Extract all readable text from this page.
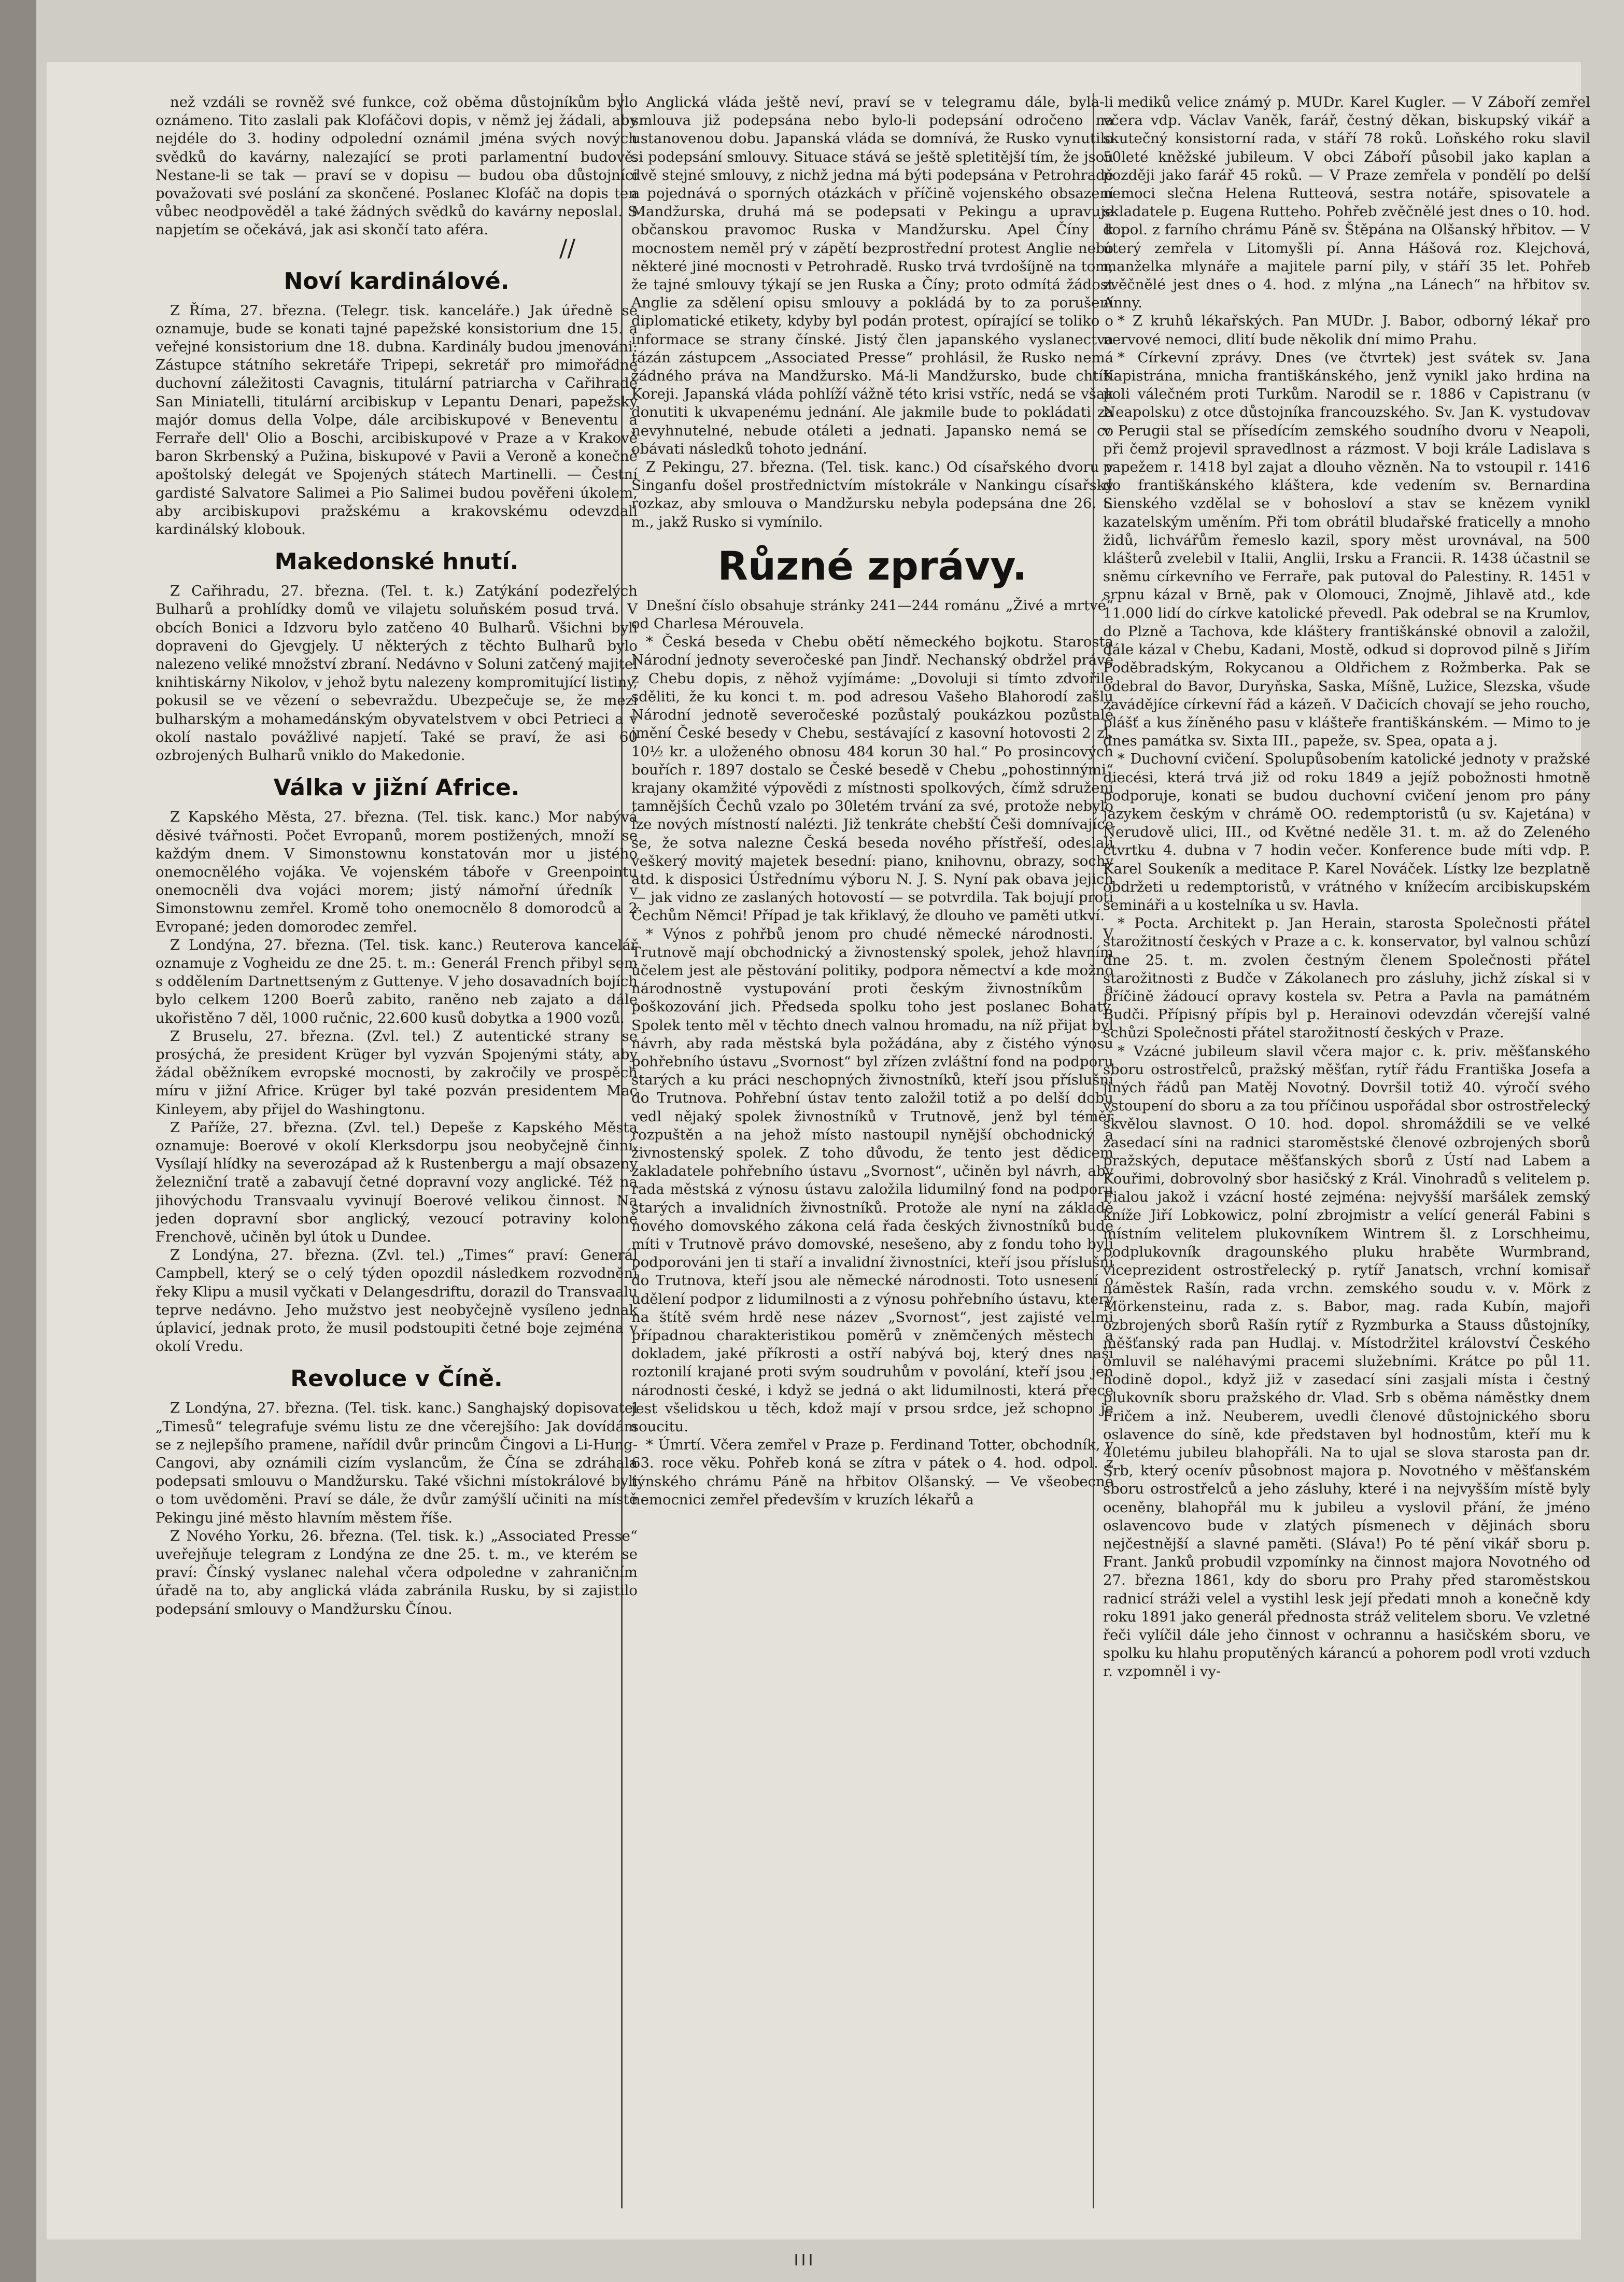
než vzdáli se rovněž své funkce, což oběma důstojníkům bylo oznámeno. Tito zaslali pak Klofáčovi dopis, v němž jej žádali, aby nejdéle do 3. hodiny odpolední oznámil jména svých nových svědků do kavárny, nalezající se proti parlamentní budově. Nestane-li se tak — praví se v dopisu — budou oba důstojníci považovati své poslání za skončené. Poslanec Klofáč na dopis ten vůbec neodpověděl a také žádných svědků do kavárny neposlal. S napjetím se očekává, jak asi skončí tato aféra.

//
Noví kardinálové.

Z Říma, 27. března. (Telegr. tisk. kanceláře.) Jak úředně se oznamuje, bude se konati tajné papežské konsistorium dne 15. a veřejné konsistorium dne 18. dubna. Kardinály budou jmenováni: Zástupce státního sekretáře Tripepi, sekretář pro mimořádné duchovní záležitosti Cavagnis, titulární patriarcha v Cařihradě San Miniatelli, titulární arcibiskup v Lepantu Denari, papežský majór domus della Volpe, dále arcibiskupové v Beneventu a Ferraře dell' Olio a Boschi, arcibiskupové v Praze a v Krakově baron Skrbenský a Pužina, biskupové v Pavii a Veroně a konečně apoštolský delegát ve Spojených státech Martinelli. — Čestní gardisté Salvatore Salimei a Pio Salimei budou pověřeni úkolem, aby arcibiskupovi pražskému a krakovskému odevzdali kardinálský klobouk.

Makedonské hnutí.

Z Cařihradu, 27. března. (Tel. t. k.) Zatýkání podezřelých Bulharů a prohlídky domů ve vilajetu soluňském posud trvá. V obcích Bonici a Idzvoru bylo zatčeno 40 Bulharů. Všichni byli dopraveni do Gjevgjely. U některých z těchto Bulharů bylo nalezeno veliké množství zbraní. Nedávno v Soluni zatčený majitel knihtiskárny Nikolov, v jehož bytu nalezeny kompromitující listiny, pokusil se ve vězení o sebevraždu. Ubezpečuje se, že mezi bulharským a mohamedánským obyvatelstvem v obci Petrieci a v okolí nastalo povážlivé napjetí. Také se praví, že asi 60 ozbrojených Bulharů vniklo do Makedonie.

Válka v jižní Africe.

Z Kapského Města, 27. března. (Tel. tisk. kanc.) Mor nabývá děsivé tvářnosti. Počet Evropanů, morem postižených, množí se každým dnem. V Simonstownu konstatován mor u jistého onemocnělého vojáka. Ve vojenském táboře v Greenpointu onemocněli dva vojáci morem; jistý námořní úředník v Simonstownu zemřel. Kromě toho onemocnělo 8 domorodců a 2 Evropané; jeden domorodec zemřel.

Z Londýna, 27. března. (Tel. tisk. kanc.) Reuterova kancelář oznamuje z Vogheidu ze dne 25. t. m.: Generál French přibyl sem s oddělením Dartnettseným z Guttenye. V jeho dosavadních bojích bylo celkem 1200 Boerů zabito, raněno neb zajato a dále ukořistěno 7 děl, 1000 ručnic, 22.600 kusů dobytka a 1900 vozů.

Z Bruselu, 27. března. (Zvl. tel.) Z autentické strany se prosýchá, že president Krüger byl vyzván Spojenými státy, aby žádal oběžníkem evropské mocnosti, by zakročily ve prospěch míru v jižní Africe. Krüger byl také pozván presidentem Mac Kinleyem, aby přijel do Washingtonu.

Z Paříže, 27. března. (Zvl. tel.) Depeše z Kapského Města oznamuje: Boerové v okolí Klerksdorpu jsou neobyčejně činní. Vysílají hlídky na severozápad až k Rustenbergu a mají obsazeny železniční tratě a zabavují četné dopravní vozy anglické. Též na jihovýchodu Transvaalu vyvinují Boerové velikou činnost. Na jeden dopravní sbor anglický, vezoucí potraviny koloně Frenchově, učiněn byl útok u Dundee.

Z Londýna, 27. března. (Zvl. tel.) „Times“ praví: Generál Campbell, který se o celý týden opozdil následkem rozvodnění řeky Klipu a musil vyčkati v Delangesdriftu, dorazil do Transvaalu teprve nedávno. Jeho mužstvo jest neobyčejně vysíleno jednak úplavicí, jednak proto, že musil podstoupiti četné boje zejména v okolí Vredu.

Revoluce v Číně.

Z Londýna, 27. března. (Tel. tisk. kanc.) Sanghajský dopisovatel „Timesů“ telegrafuje svému listu ze dne včerejšího: Jak dovídám se z nejlepšího pramene, nařídil dvůr princům Čingovi a Li-Hung-Cangovi, aby oznámili cizím vyslancům, že Čína se zdráhala podepsati smlouvu o Mandžursku. Také všichni místokrálové byli o tom uvědoměni. Praví se dále, že dvůr zamýšlí učiniti na místě Pekingu jiné město hlavním městem říše.

Z Nového Yorku, 26. března. (Tel. tisk. k.) „Associated Presse“ uveřejňuje telegram z Londýna ze dne 25. t. m., ve kterém se praví: Čínský vyslanec nalehal včera odpoledne v zahraničním úřadě na to, aby anglická vláda zabránila Rusku, by si zajistilo podepsání smlouvy o Mandžursku Čínou.

Anglická vláda ještě neví, praví se v telegramu dále, byla-li smlouva již podepsána nebo bylo-li podepsání odročeno na ustanovenou dobu. Japanská vláda se domnívá, že Rusko vynutilo si podepsání smlouvy. Situace stává se ještě spletitější tím, že jsou dvě stejné smlouvy, z nichž jedna má býti podepsána v Petrohradě a pojednává o sporných otázkách v příčině vojenského obsazení Mandžurska, druhá má se podepsati v Pekingu a upravuje občanskou pravomoc Ruska v Mandžursku. Apel Číny k mocnostem neměl prý v zápětí bezprostřední protest Anglie nebo některé jiné mocnosti v Petrohradě. Rusko trvá tvrdošíjně na tom, že tajné smlouvy týkají se jen Ruska a Číny; proto odmítá žádost Anglie za sdělení opisu smlouvy a pokládá by to za porušení diplomatické etikety, kdyby byl podán protest, opírající se toliko o informace se strany čínské. Jistý člen japanského vyslanectva tázán zástupcem „Associated Presse“ prohlásil, že Rusko nemá žádného práva na Mandžursko. Má-li Mandžursko, bude chtíti Koreji. Japanská vláda pohlíží vážně této krisi vstříc, nedá se však donutiti k ukvapenému jednání. Ale jakmile bude to pokládati za nevyhnutelné, nebude otáleti a jednati. Japansko nemá se co obávati následků tohoto jednání.

Z Pekingu, 27. března. (Tel. tisk. kanc.) Od císařského dvoru v Singanfu došel prostřednictvím místokrále v Nankingu císařský rozkaz, aby smlouva o Mandžursku nebyla podepsána dne 26. t. m., jakž Rusko si vymínilo.

Různé zprávy.

Dnešní číslo obsahuje stránky 241—244 románu „Živé a mrtvé“ od Charlesa Mérouvela.

* Česká beseda v Chebu obětí německého bojkotu. Starosta Národní jednoty severočeské pan Jindř. Nechanský obdržel právě z Chebu dopis, z něhož vyjímáme: „Dovoluji si tímto zdvořile sděliti, že ku konci t. m. pod adresou Vašeho Blahorodí zašlu Národní jednotě severočeské pozůstalý poukázkou pozůstalé jmění České besedy v Chebu, sestávající z kasovní hotovosti 2 zl. 10½ kr. a uloženého obnosu 484 korun 30 hal.“ Po prosincových bouřích r. 1897 dostalo se České besedě v Chebu „pohostinnými“ krajany okamžité výpovědi z místnosti spolkových, čímž sdružení tamnějších Čechů vzalo po 30letém trvání za své, protože nebylo lze nových místností nalézti. Již tenkráte chebští Češi domnívajíce se, že sotva nalezne Česká beseda nového přístřeší, odeslali veškerý movitý majetek besední: piano, knihovnu, obrazy, sochy atd. k disposici Ústřednímu výboru N. J. S. Nyní pak obava jejich — jak vidno ze zaslaných hotovostí — se potvrdila. Tak bojují proti Čechům Němci! Případ je tak křiklavý, že dlouho ve paměti utkví.

* Výnos z pohřbů jenom pro chudé německé národnosti. V Trutnově mají obchodnický a živnostenský spolek, jehož hlavním účelem jest ale pěstování politiky, podpora němectví a kde možno národnostně vystupování proti českým živnostníkům a poškozování jich. Předseda spolku toho jest poslanec Bohaty. Spolek tento měl v těchto dnech valnou hromadu, na níž přijat byl návrh, aby rada městská byla požádána, aby z čistého výnosu pohřebního ústavu „Svornost“ byl zřízen zvláštní fond na podporu starých a ku práci neschopných živnostníků, kteří jsou příslušní do Trutnova. Pohřební ústav tento založil totiž a po delší dobu vedl nějaký spolek živnostníků v Trutnově, jenž byl téměř rozpuštěn a na jehož místo nastoupil nynější obchodnický a živnostenský spolek. Z toho důvodu, že tento jest dědicem zakladatele pohřebního ústavu „Svornost“, učiněn byl návrh, aby rada městská z výnosu ústavu založila lidumilný fond na podporu starých a invalidních živnostníků. Protože ale nyní na základě nového domovského zákona celá řada českých živnostníků bude míti v Trutnově právo domovské, nesešeno, aby z fondu toho byli podporováni jen ti staří a invalidní živnostníci, kteří jsou příslušní do Trutnova, kteří jsou ale německé národnosti. Toto usnesení o udělení podpor z lidumilnosti a z výnosu pohřebního ústavu, který na štítě svém hrdě nese název „Svornost“, jest zajisté velmi případnou charakteristikou poměrů v zněmčených městech a dokladem, jaké příkrosti a ostří nabývá boj, který dnes naší roztonilí krajané proti svým soudruhům v povolání, kteří jsou jen národnosti české, i když se jedná o akt lidumilnosti, která přece jest všelidskou u těch, kdož mají v prsou srdce, jež schopno je soucitu.

* Úmrtí. Včera zemřel v Praze p. Ferdinand Totter, obchodník, v 63. roce věku. Pohřeb koná se zítra v pátek o 4. hod. odpol. z týnského chrámu Páně na hřbitov Olšanský. — Ve všeobecné nemocnici zemřel především v kruzích lékařů a

mediků velice známý p. MUDr. Karel Kugler. — V Záboří zemřel včera vdp. Václav Vaněk, farář, čestný děkan, biskupský vikář a skutečný konsistorní rada, v stáří 78 roků. Loňského roku slavil 50leté kněžské jubileum. V obci Záboří působil jako kaplan a později jako farář 45 roků. — V Praze zemřela v pondělí po delší nemoci slečna Helena Rutteová, sestra notáře, spisovatele a skladatele p. Eugena Rutteho. Pohřeb zvěčnělé jest dnes o 10. hod. dopol. z farního chrámu Páně sv. Štěpána na Olšanský hřbitov. — V úterý zemřela v Litomyšli pí. Anna Hášová roz. Klejchová, manželka mlynáře a majitele parní pily, v stáří 35 let. Pohřeb zvěčnělé jest dnes o 4. hod. z mlýna „na Lánech“ na hřbitov sv. Anny.

* Z kruhů lékařských. Pan MUDr. J. Babor, odborný lékař pro nervové nemoci, dlití bude několik dní mimo Prahu.

* Církevní zprávy. Dnes (ve čtvrtek) jest svátek sv. Jana Kapistrána, mnicha františkánského, jenž vynikl jako hrdina na poli válečném proti Turkům. Narodil se r. 1886 v Capistranu (v Neapolsku) z otce důstojníka francouzského. Sv. Jan K. vystudovav v Perugii stal se přísedícím zemského soudního dvoru v Neapoli, při čemž projevil spravedlnost a rázmost. V boji krále Ladislava s papežem r. 1418 byl zajat a dlouho vězněn. Na to vstoupil r. 1416 do františkánského kláštera, kde vedením sv. Bernardina Sienského vzdělal se v bohosloví a stav se knězem vynikl kazatelským uměním. Při tom obrátil bludařské fraticelly a mnoho židů, lichvářům řemeslo kazil, spory měst urovnával, na 500 klášterů zvelebil v Italii, Anglii, Irsku a Francii. R. 1438 účastnil se sněmu církevního ve Ferraře, pak putoval do Palestiny. R. 1451 v srpnu kázal v Brně, pak v Olomouci, Znojmě, Jihlavě atd., kde 11.000 lidí do církve katolické převedl. Pak odebral se na Krumlov, do Plzně a Tachova, kde kláštery františkánské obnovil a založil, dále kázal v Chebu, Kadani, Mostě, odkud si doprovod pilně s Jiřím Poděbradským, Rokycanou a Oldřichem z Rožmberka. Pak se odebral do Bavor, Duryňska, Saska, Míšně, Lužice, Slezska, všude zavádějíce církevní řád a kázeň. V Dačicích chovají se jeho roucho, plášť a kus žíněného pasu v klášteře františkánském. — Mimo to je dnes památka sv. Sixta III., papeže, sv. Spea, opata a j.

* Duchovní cvičení. Spolupůsobením katolické jednoty v pražské diecési, která trvá již od roku 1849 a jejíž pobožnosti hmotně podporuje, konati se budou duchovní cvičení jenom pro pány jazykem českým v chrámě OO. redemptoristů (u sv. Kajetána) v Nerudově ulici, III., od Květné neděle 31. t. m. až do Zeleného čtvrtku 4. dubna v 7 hodin večer. Konference bude míti vdp. P. Karel Soukeník a meditace P. Karel Nováček. Lístky lze bezplatně obdržeti u redemptoristů, v vrátného v knížecím arcibiskupském semináři a u kostelníka u sv. Havla.

* Pocta. Architekt p. Jan Herain, starosta Společnosti přátel starožitností českých v Praze a c. k. konservator, byl valnou schůzí dne 25. t. m. zvolen čestným členem Společnosti přátel starožitnosti z Budče v Zákolanech pro zásluhy, jichž získal si v příčině žádoucí opravy kostela sv. Petra a Pavla na památném Budči. Přípisný přípis byl p. Herainovi odevzdán včerejší valné schůzi Společnosti přátel starožitností českých v Praze.

* Vzácné jubileum slavil včera major c. k. priv. měšťanského sboru ostrostřelců, pražský měšťan, rytíř řádu Františka Josefa a jiných řádů pan Matěj Novotný. Dovršil totiž 40. výročí svého vstoupení do sboru a za tou příčinou uspořádal sbor ostrostřelecký skvělou slavnost. O 10. hod. dopol. shromáždili se ve velké zasedací síni na radnici staroměstské členové ozbrojených sborů pražských, deputace měšťanských sborů z Ústí nad Labem a Kouřimi, dobrovolný sbor hasičský z Král. Vinohradů s velitelem p. Fialou jakož i vzácní hosté zejména: nejvyšší maršálek zemský kníže Jiří Lobkowicz, polní zbrojmistr a velící generál Fabini s místním velitelem plukovníkem Wintrem šl. z Lorschheimu, podplukovník dragounského pluku hraběte Wurmbrand, viceprezident ostrostřelecký p. rytíř Janatsch, vrchní komisař náměstek Rašín, rada vrchn. zemského soudu v. v. Mörk z Mörkensteinu, rada z. s. Babor, mag. rada Kubín, majoři ozbrojených sborů Rašín rytíř z Ryzmburka a Stauss důstojníky, měšťanský rada pan Hudlaj. v. Místodržitel království Českého omluvil se naléhavými pracemi služebními. Krátce po půl 11. hodině dopol., když již v zasedací síni zasjali místa i čestný plukovník sboru pražského dr. Vlad. Srb s oběma náměstky dnem Fričem a inž. Neuberem, uvedli členové důstojnického sboru oslavence do síně, kde představen byl hodnostům, kteří mu k 40letému jubileu blahopřáli. Na to ujal se slova starosta pan dr. Srb, který ocenív působnost majora p. Novotného v měšťanském sboru ostrostřelců a jeho zásluhy, které i na nejvyšším místě byly oceněny, blahopřál mu k jubileu a vyslovil přání, že jméno oslavencovo bude v zlatých písmenech v dějinách sboru nejčestnější a slavné paměti. (Sláva!) Po té pění vikář sboru p. Frant. Janků probudil vzpomínky na činnost majora Novotného od 27. března 1861, kdy do sboru pro Prahy před staroměstskou radnicí stráži velel a vystihl lesk její předati mnoh a konečně kdy roku 1891 jako generál přednosta stráž velitelem sboru. Ve vzletné řeči vylíčil dále jeho činnost v ochrannu a hasičském sboru, ve spolku ku hlahu proputěných kárancú a pohorem podl vroti vzduch r. vzpomněl i vy-
